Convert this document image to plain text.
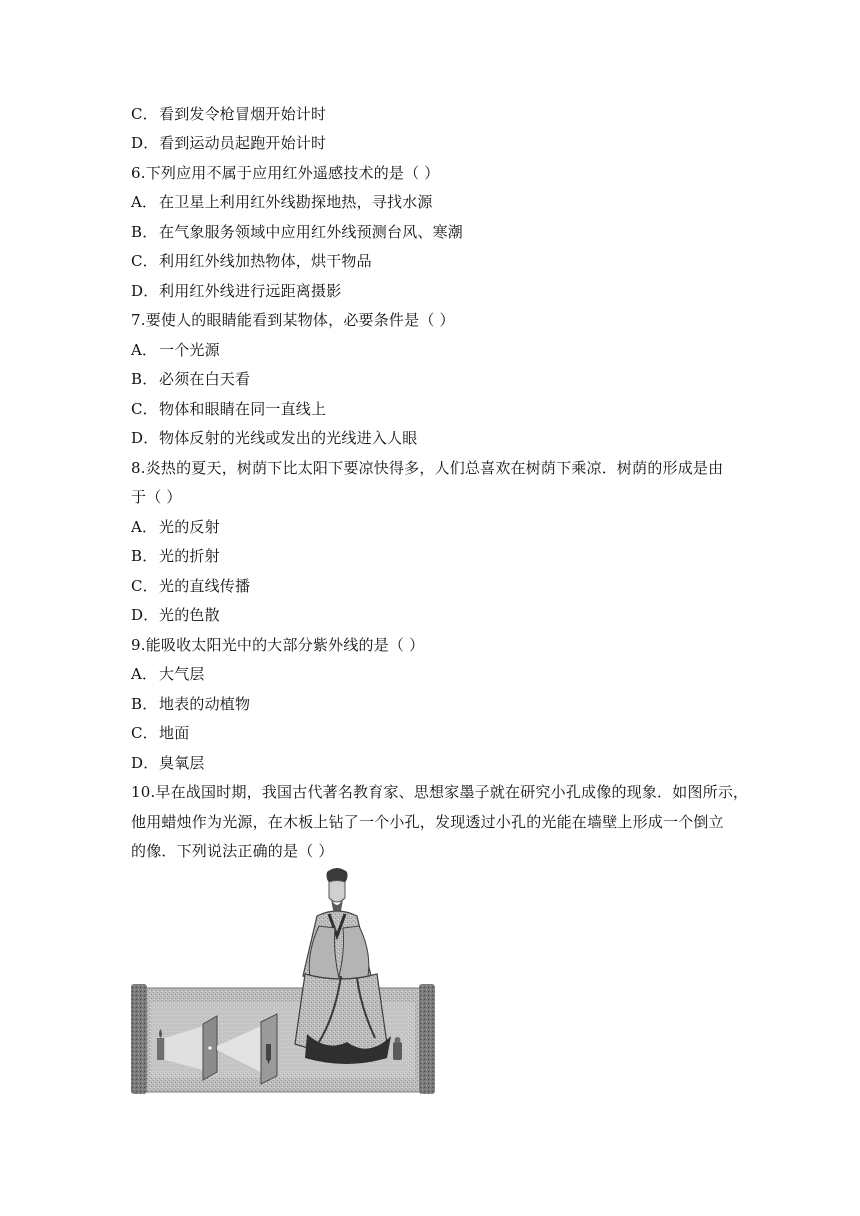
C．看到发令枪冒烟开始计时
D．看到运动员起跑开始计时
6.下列应用不属于应用红外遥感技术的是（ ）
A． 在卫星上利用红外线勘探地热，寻找水源
B． 在气象服务领域中应用红外线预测台风、寒潮
C．利用红外线加热物体，烘干物品
D．利用红外线进行远距离摄影
7.要使人的眼睛能看到某物体，必要条件是（ ）
A． 一个光源
B． 必须在白天看
C．物体和眼睛在同一直线上
D．物体反射的光线或发出的光线进入人眼
8.炎热的夏天，树荫下比太阳下要凉快得多，人们总喜欢在树荫下乘凉．树荫的形成是由
于（ ）
A． 光的反射
B． 光的折射
C．光的直线传播
D．光的色散
9.能吸收太阳光中的大部分紫外线的是（ ）
A． 大气层
B． 地表的动植物
C．地面
D．臭氧层
10.早在战国时期，我国古代著名教育家、思想家墨子就在研究小孔成像的现象．如图所示，
他用蜡烛作为光源，在木板上钻了一个小孔，发现透过小孔的光能在墙壁上形成一个倒立
的像．下列说法正确的是（ ）
